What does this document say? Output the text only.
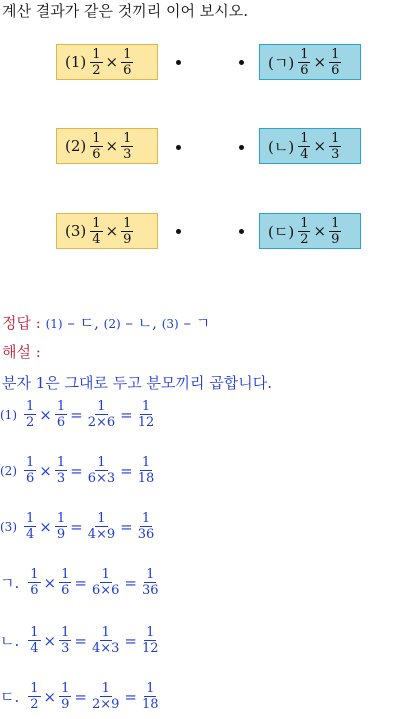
계산 결과가 같은 것끼리 이어 보시오.
$(1) \frac{1}{2} \times \frac{1}{6}$	(ㄱ) $\frac{1}{6} \times \frac{1}{6}$
$(2) \frac{1}{6} \times \frac{1}{3}$	(ㄴ) $\frac{1}{4} \times \frac{1}{3}$
$(3) \frac{1}{4} \times \frac{1}{9}$	(ㄷ) $\frac{1}{2} \times \frac{1}{9}$
정답 : (1) – ㄷ, (2) – ㄴ, (3) – ㄱ
해설 :
분자 1은 그대로 두고 분모끼리 곱합니다.
$(1) \frac{1}{2} \times \frac{1}{6} = \frac{1}{2\times 6} = \frac{1}{12}$
$(2) \frac{1}{6} \times \frac{1}{3} = \frac{1}{6\times 3} = \frac{1}{18}$
$(3) \frac{1}{4} \times \frac{1}{9} = \frac{1}{4\times 9} = \frac{1}{36}$
ㄱ. $\frac{1}{6} \times \frac{1}{6} = \frac{1}{6\times 6} = \frac{1}{36}$
ㄴ. $\frac{1}{4} \times \frac{1}{3} = \frac{1}{4\times 3} = \frac{1}{12}$
ㄷ. $\frac{1}{2} \times \frac{1}{9} = \frac{1}{2\times 9} = \frac{1}{18}$
